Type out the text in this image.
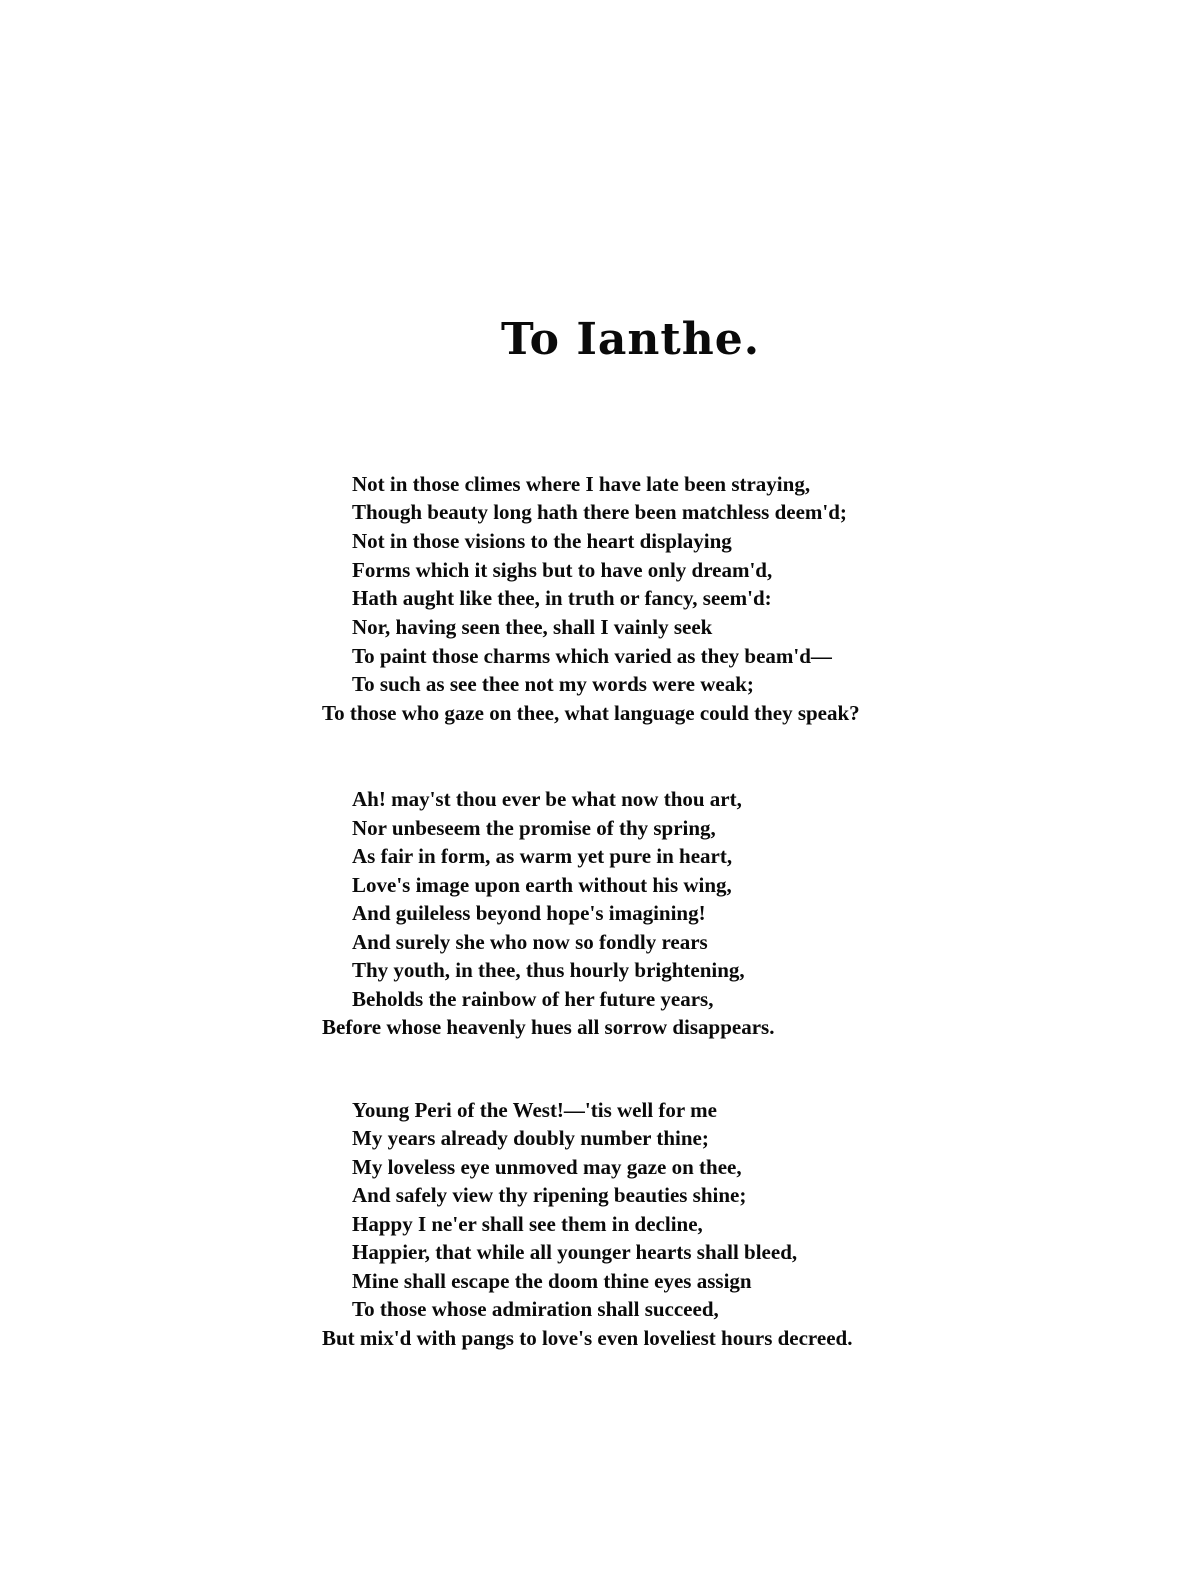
To Ianthe.
Not in those climes where I have late been straying,
Though beauty long hath there been matchless deem'd;
Not in those visions to the heart displaying
Forms which it sighs but to have only dream'd,
Hath aught like thee, in truth or fancy, seem'd:
Nor, having seen thee, shall I vainly seek
To paint those charms which varied as they beam'd—
To such as see thee not my words were weak;
To those who gaze on thee, what language could they speak?
Ah! may'st thou ever be what now thou art,
Nor unbeseem the promise of thy spring,
As fair in form, as warm yet pure in heart,
Love's image upon earth without his wing,
And guileless beyond hope's imagining!
And surely she who now so fondly rears
Thy youth, in thee, thus hourly brightening,
Beholds the rainbow of her future years,
Before whose heavenly hues all sorrow disappears.
Young Peri of the West!—'tis well for me
My years already doubly number thine;
My loveless eye unmoved may gaze on thee,
And safely view thy ripening beauties shine;
Happy I ne'er shall see them in decline,
Happier, that while all younger hearts shall bleed,
Mine shall escape the doom thine eyes assign
To those whose admiration shall succeed,
But mix'd with pangs to love's even loveliest hours decreed.
